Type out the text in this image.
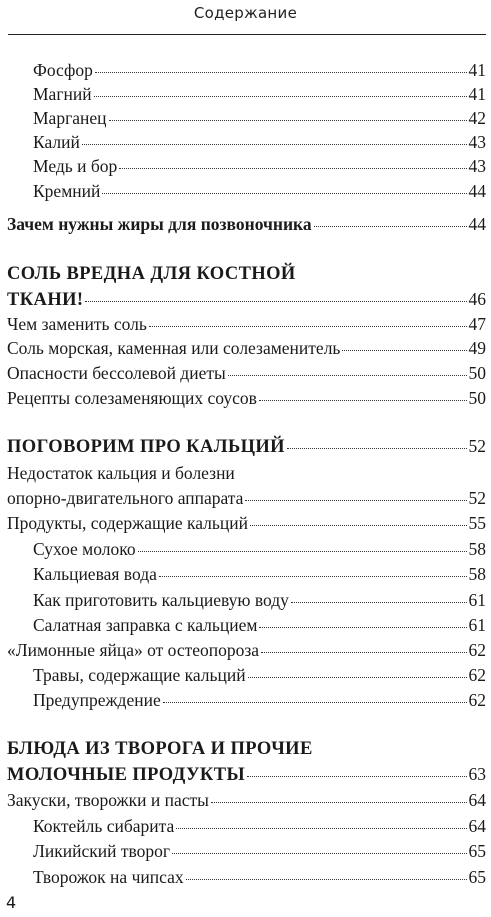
Содержание
Фосфор	41
Магний	41
Марганец	42
Калий	43
Медь и бор	43
Кремний	44
Зачем нужны жиры для позвоночника	44
СОЛЬ ВРЕДНА ДЛЯ КОСТНОЙ
ТКАНИ!	46
Чем заменить соль	47
Соль морская, каменная или солезаменитель	49
Опасности бессолевой диеты	50
Рецепты солезаменяющих соусов	50
ПОГОВОРИМ ПРО КАЛЬЦИЙ	52
Недостаток кальция и болезни
опорно-двигательного аппарата	52
Продукты, содержащие кальций	55
Сухое молоко	58
Кальциевая вода	58
Как приготовить кальциевую воду	61
Салатная заправка с кальцием	61
«Лимонные яйца» от остеопороза	62
Травы, содержащие кальций	62
Предупреждение	62
БЛЮДА ИЗ ТВОРОГА И ПРОЧИЕ
МОЛОЧНЫЕ ПРОДУКТЫ	63
Закуски, творожки и пасты	64
Коктейль сибарита	64
Ликийский творог	65
Творожок на чипсах	65
4
